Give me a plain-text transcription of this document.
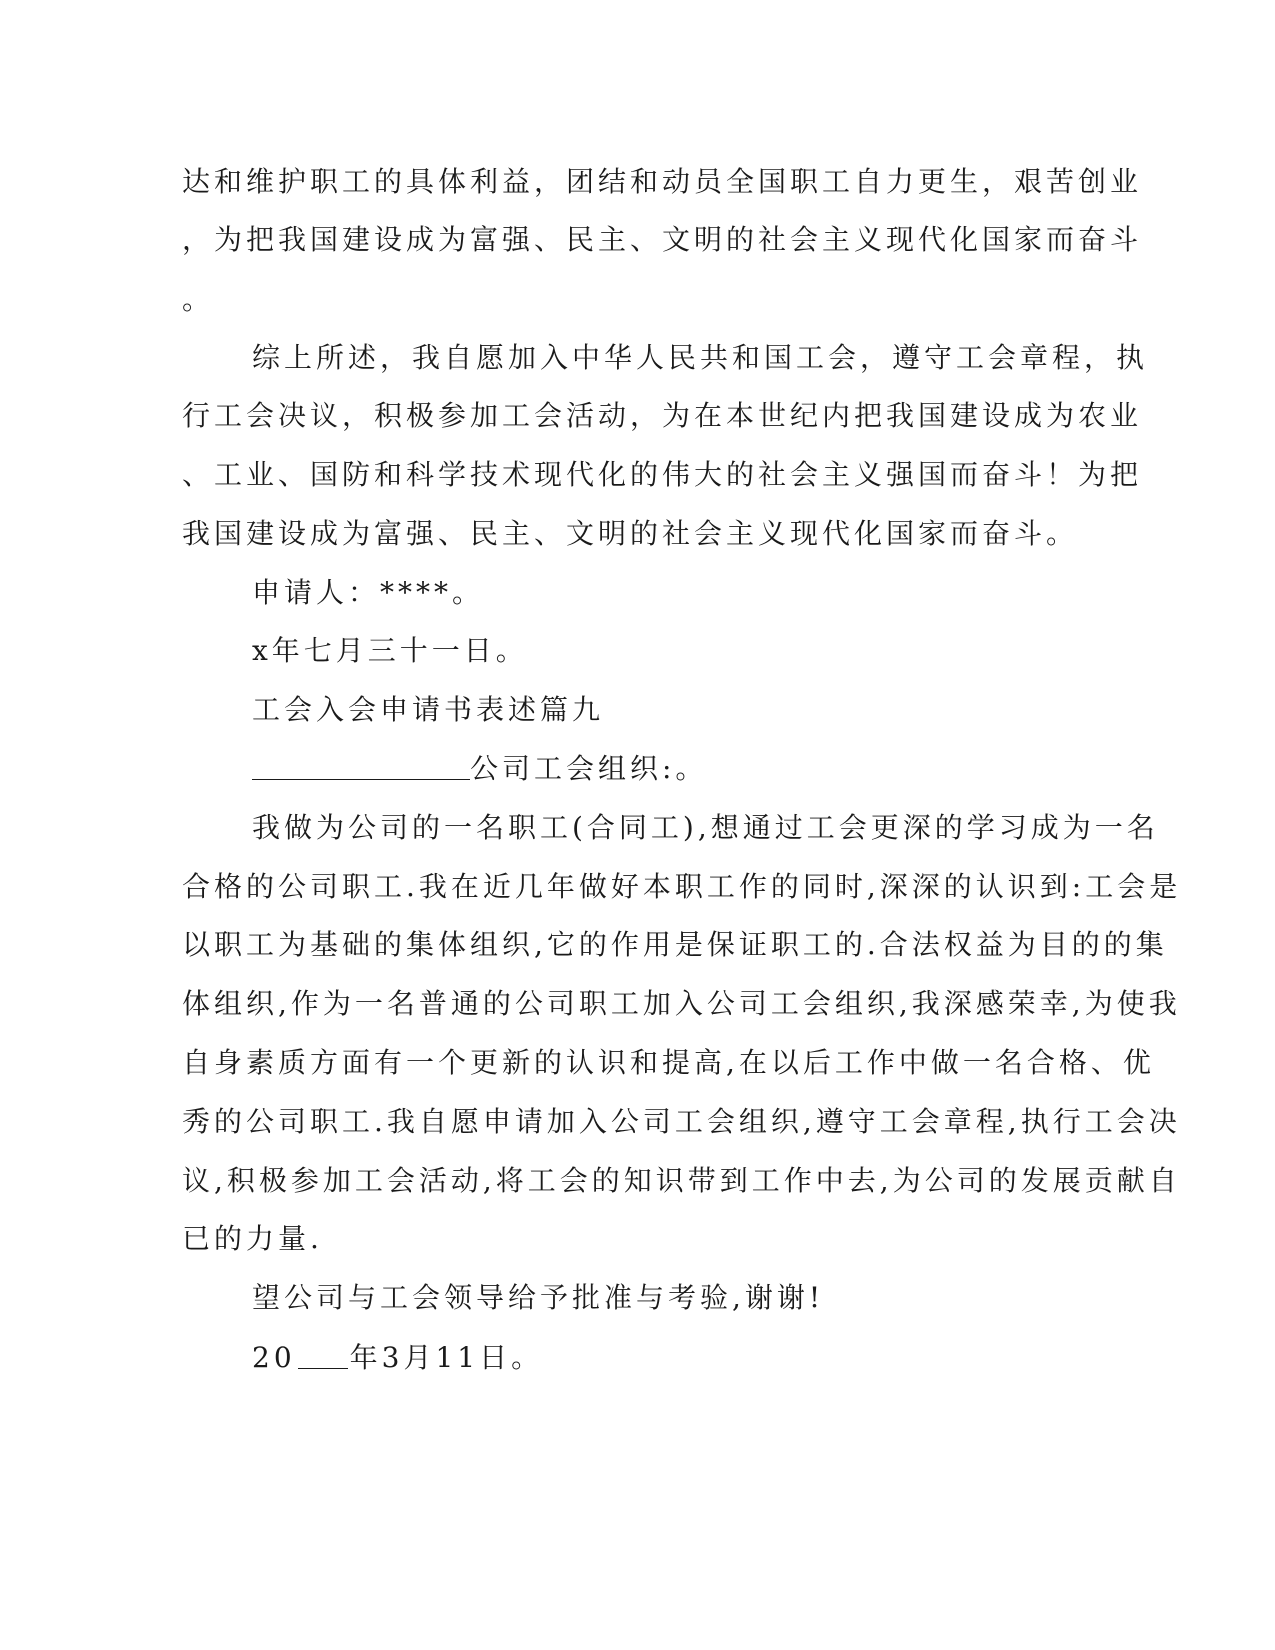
达和维护职工的具体利益，团结和动员全国职工自力更生，艰苦创业
，为把我国建设成为富强、民主、文明的社会主义现代化国家而奋斗
。
综上所述，我自愿加入中华人民共和国工会，遵守工会章程，执
行工会决议，积极参加工会活动，为在本世纪内把我国建设成为农业
、工业、国防和科学技术现代化的伟大的社会主义强国而奋斗！为把
我国建设成为富强、民主、文明的社会主义现代化国家而奋斗。
申请人：****。
x年七月三十一日。
工会入会申请书表述篇九
公司工会组织:。
我做为公司的一名职工(合同工),想通过工会更深的学习成为一名
合格的公司职工.我在近几年做好本职工作的同时,深深的认识到:工会是
以职工为基础的集体组织,它的作用是保证职工的.合法权益为目的的集
体组织,作为一名普通的公司职工加入公司工会组织,我深感荣幸,为使我
自身素质方面有一个更新的认识和提高,在以后工作中做一名合格、优
秀的公司职工.我自愿申请加入公司工会组织,遵守工会章程,执行工会决
议,积极参加工会活动,将工会的知识带到工作中去,为公司的发展贡献自
已的力量.
望公司与工会领导给予批准与考验,谢谢!
20 年3月11日。
